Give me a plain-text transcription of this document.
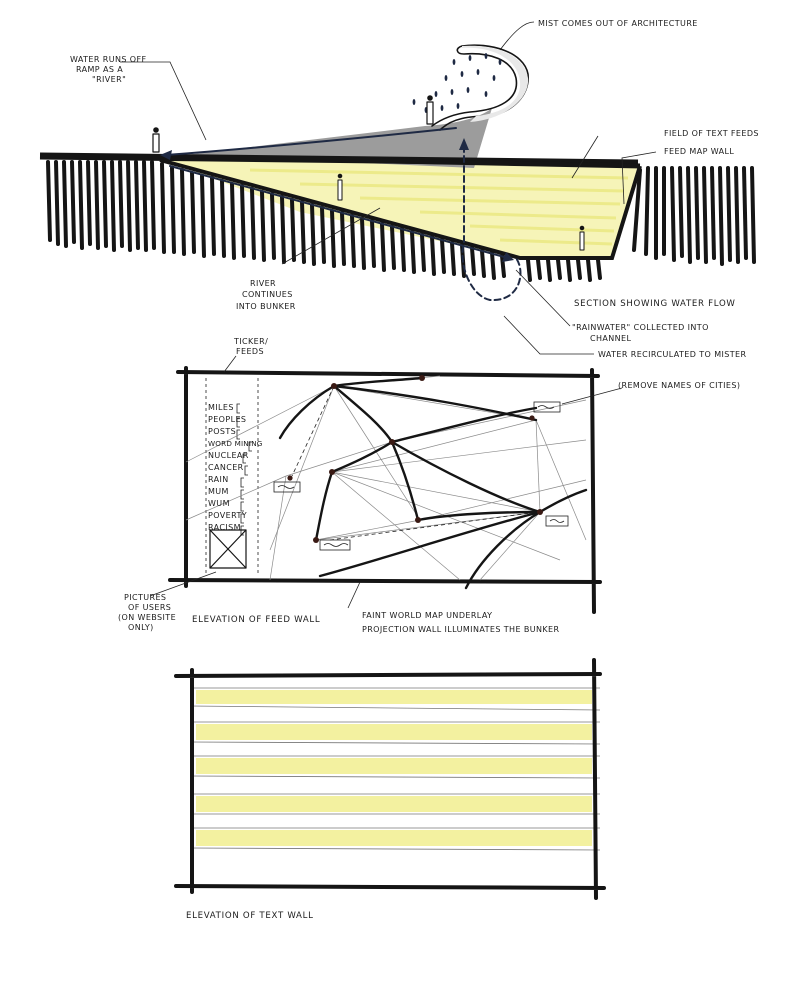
MIST COMES OUT OF ARCHITECTURE
WATER RUNS OFF
RAMP AS A
"RIVER"
FIELD OF TEXT FEEDS
FEED MAP WALL
RIVER
CONTINUES
INTO BUNKER	SECTION SHOWING WATER FLOW
"RAINWATER" COLLECTED INTO
CHANNEL
WATER RECIRCULATED TO MISTER
TICKER/
FEEDS
MILES
PEOPLES
POSTS
WORD MINING
NUCLEAR
CANCER
RAIN
MUM
WUM
POVERTY
RACISM
(REMOVE NAMES OF CITIES)
PICTURES
OF USERS
(ON WEBSITE
ONLY)
ELEVATION OF FEED WALL	FAINT WORLD MAP UNDERLAY
PROJECTION WALL ILLUMINATES THE BUNKER
ELEVATION OF TEXT WALL
